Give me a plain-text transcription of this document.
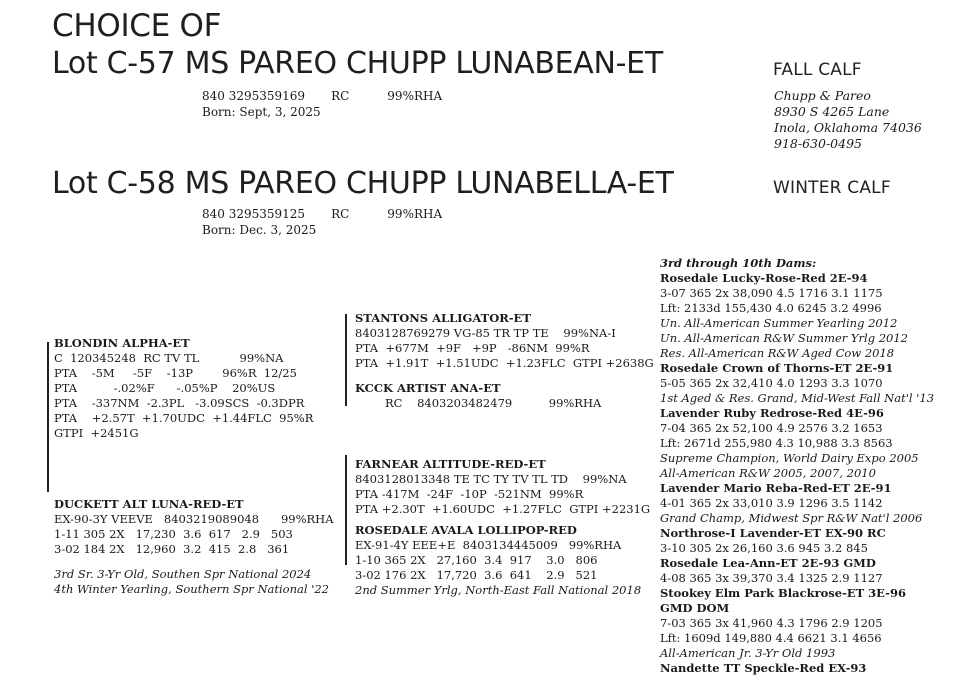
CHOICE OF
Lot C-57 MS PAREO CHUPP LUNABEAN-ET
840 3295359169 RC	99%RHA
Born: Sept, 3, 2025
FALL CALF
Chupp & Pareo
8930 S 4265 Lane
Inola, Oklahoma 74036
918-630-0495
Lot C-58 MS PAREO CHUPP LUNABELLA-ET
840 3295359125 RC	99%RHA
Born: Dec. 3, 2025
WINTER CALF
BLONDIN ALPHA-ET
C  120345248  RC TV TL           99%NA
PTA    -5M     -5F    -13P        96%R  12/25
PTA          -.02%F      -.05%P    20%US
PTA    -337NM  -2.3PL   -3.09SCS  -0.3DPR
PTA    +2.57T  +1.70UDC  +1.44FLC  95%R
GTPI  +2451G
DUCKETT ALT LUNA-RED-ET
EX-90-3Y VEEVE   8403219089048      99%RHA
1-11 305 2X   17,230  3.6  617   2.9   503
3-02 184 2X   12,960  3.2  415  2.8   361
3rd Sr. 3-Yr Old, Southen Spr National 2024
4th Winter Yearling, Southern Spr National '22
STANTONS ALLIGATOR-ET
8403128769279 VG-85 TR TP TE    99%NA-I
PTA  +677M  +9F   +9P   -86NM  99%R
PTA  +1.91T  +1.51UDC  +1.23FLC  GTPI +2638G
KCCK ARTIST ANA-ET
RC    8403203482479          99%RHA
FARNEAR ALTITUDE-RED-ET
8403128013348 TE TC TY TV TL TD    99%NA
PTA -417M  -24F  -10P  -521NM  99%R
PTA +2.30T  +1.60UDC  +1.27FLC  GTPI +2231G
ROSEDALE AVALA LOLLIPOP-RED
EX-91-4Y EEE+E  8403134445009   99%RHA
1-10 365 2X   27,160  3.4  917    3.0   806
3-02 176 2X   17,720  3.6  641    2.9   521
2nd Summer Yrlg, North-East Fall National 2018
3rd through 10th Dams:
Rosedale Lucky-Rose-Red 2E-94
3-07 365 2x 38,090 4.5 1716 3.1 1175
Lft: 2133d 155,430 4.0 6245 3.2 4996
Un. All-American Summer Yearling 2012
Un. All-American R&W Summer Yrlg 2012
Res. All-American R&W Aged Cow 2018
Rosedale Crown of Thorns-ET 2E-91
5-05 365 2x 32,410 4.0 1293 3.3 1070
1st Aged & Res. Grand, Mid-West Fall Nat'l '13
Lavender Ruby Redrose-Red 4E-96
7-04 365 2x 52,100 4.9 2576 3.2 1653
Lft: 2671d 255,980 4.3 10,988 3.3 8563
Supreme Champion, World Dairy Expo 2005
All-American R&W 2005, 2007, 2010
Lavender Mario Reba-Red-ET 2E-91
4-01 365 2x 33,010 3.9 1296 3.5 1142
Grand Champ, Midwest Spr R&W Nat'l 2006
Northrose-I Lavender-ET EX-90 RC
3-10 305 2x 26,160 3.6 945 3.2 845
Rosedale Lea-Ann-ET 2E-93 GMD
4-08 365 3x 39,370 3.4 1325 2.9 1127
Stookey Elm Park Blackrose-ET 3E-96
GMD DOM
7-03 365 3x 41,960 4.3 1796 2.9 1205
Lft: 1609d 149,880 4.4 6621 3.1 4656
All-American Jr. 3-Yr Old 1993
Nandette TT Speckle-Red EX-93
